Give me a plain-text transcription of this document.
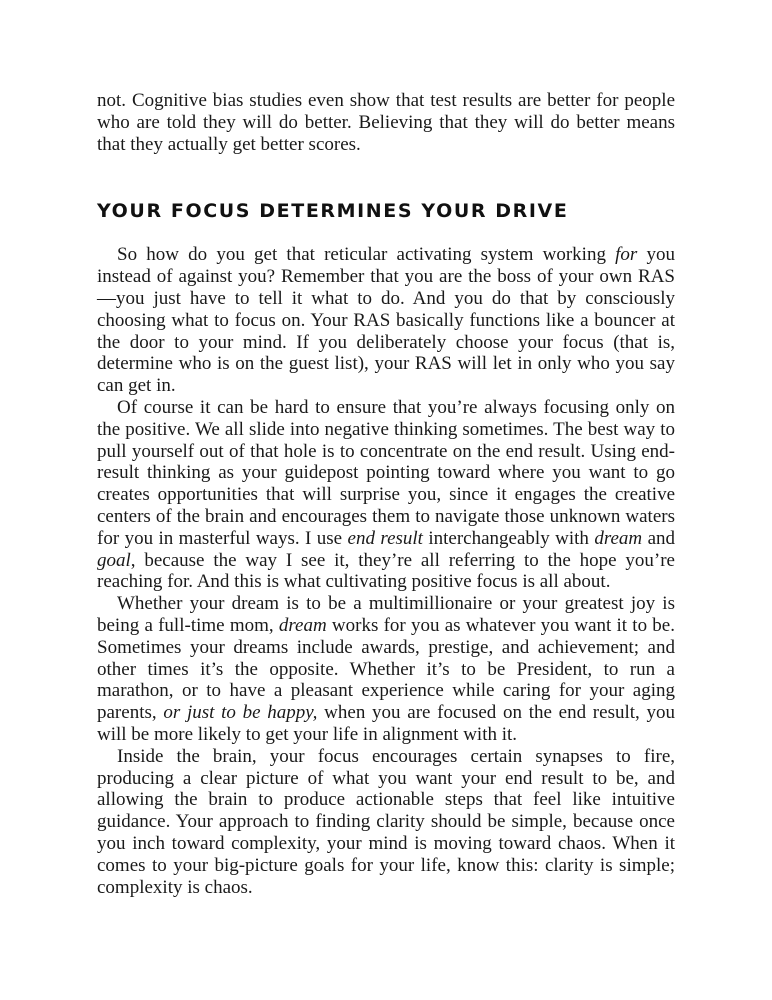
not. Cognitive bias studies even show that test results are better for people who are told they will do better. Believing that they will do better means that they actually get better scores.

YOUR FOCUS DETERMINES YOUR DRIVE

So how do you get that reticular activating system working for you instead of against you? Remember that you are the boss of your own RAS —you just have to tell it what to do. And you do that by consciously choosing what to focus on. Your RAS basically functions like a bouncer at the door to your mind. If you deliberately choose your focus (that is, determine who is on the guest list), your RAS will let in only who you say can get in.

Of course it can be hard to ensure that you’re always focusing only on the positive. We all slide into negative thinking sometimes. The best way to pull yourself out of that hole is to concentrate on the end result. Using end-result thinking as your guidepost pointing toward where you want to go creates opportunities that will surprise you, since it engages the creative centers of the brain and encourages them to navigate those unknown waters for you in masterful ways. I use end result interchangeably with dream and goal, because the way I see it, they’re all referring to the hope you’re reaching for. And this is what cultivating positive focus is all about.

Whether your dream is to be a multimillionaire or your greatest joy is being a full-time mom, dream works for you as whatever you want it to be. Sometimes your dreams include awards, prestige, and achievement; and other times it’s the opposite. Whether it’s to be President, to run a marathon, or to have a pleasant experience while caring for your aging parents, or just to be happy, when you are focused on the end result, you will be more likely to get your life in alignment with it.

Inside the brain, your focus encourages certain synapses to fire, producing a clear picture of what you want your end result to be, and allowing the brain to produce actionable steps that feel like intuitive guidance. Your approach to finding clarity should be simple, because once you inch toward complexity, your mind is moving toward chaos. When it comes to your big-picture goals for your life, know this: clarity is simple; complexity is chaos.
